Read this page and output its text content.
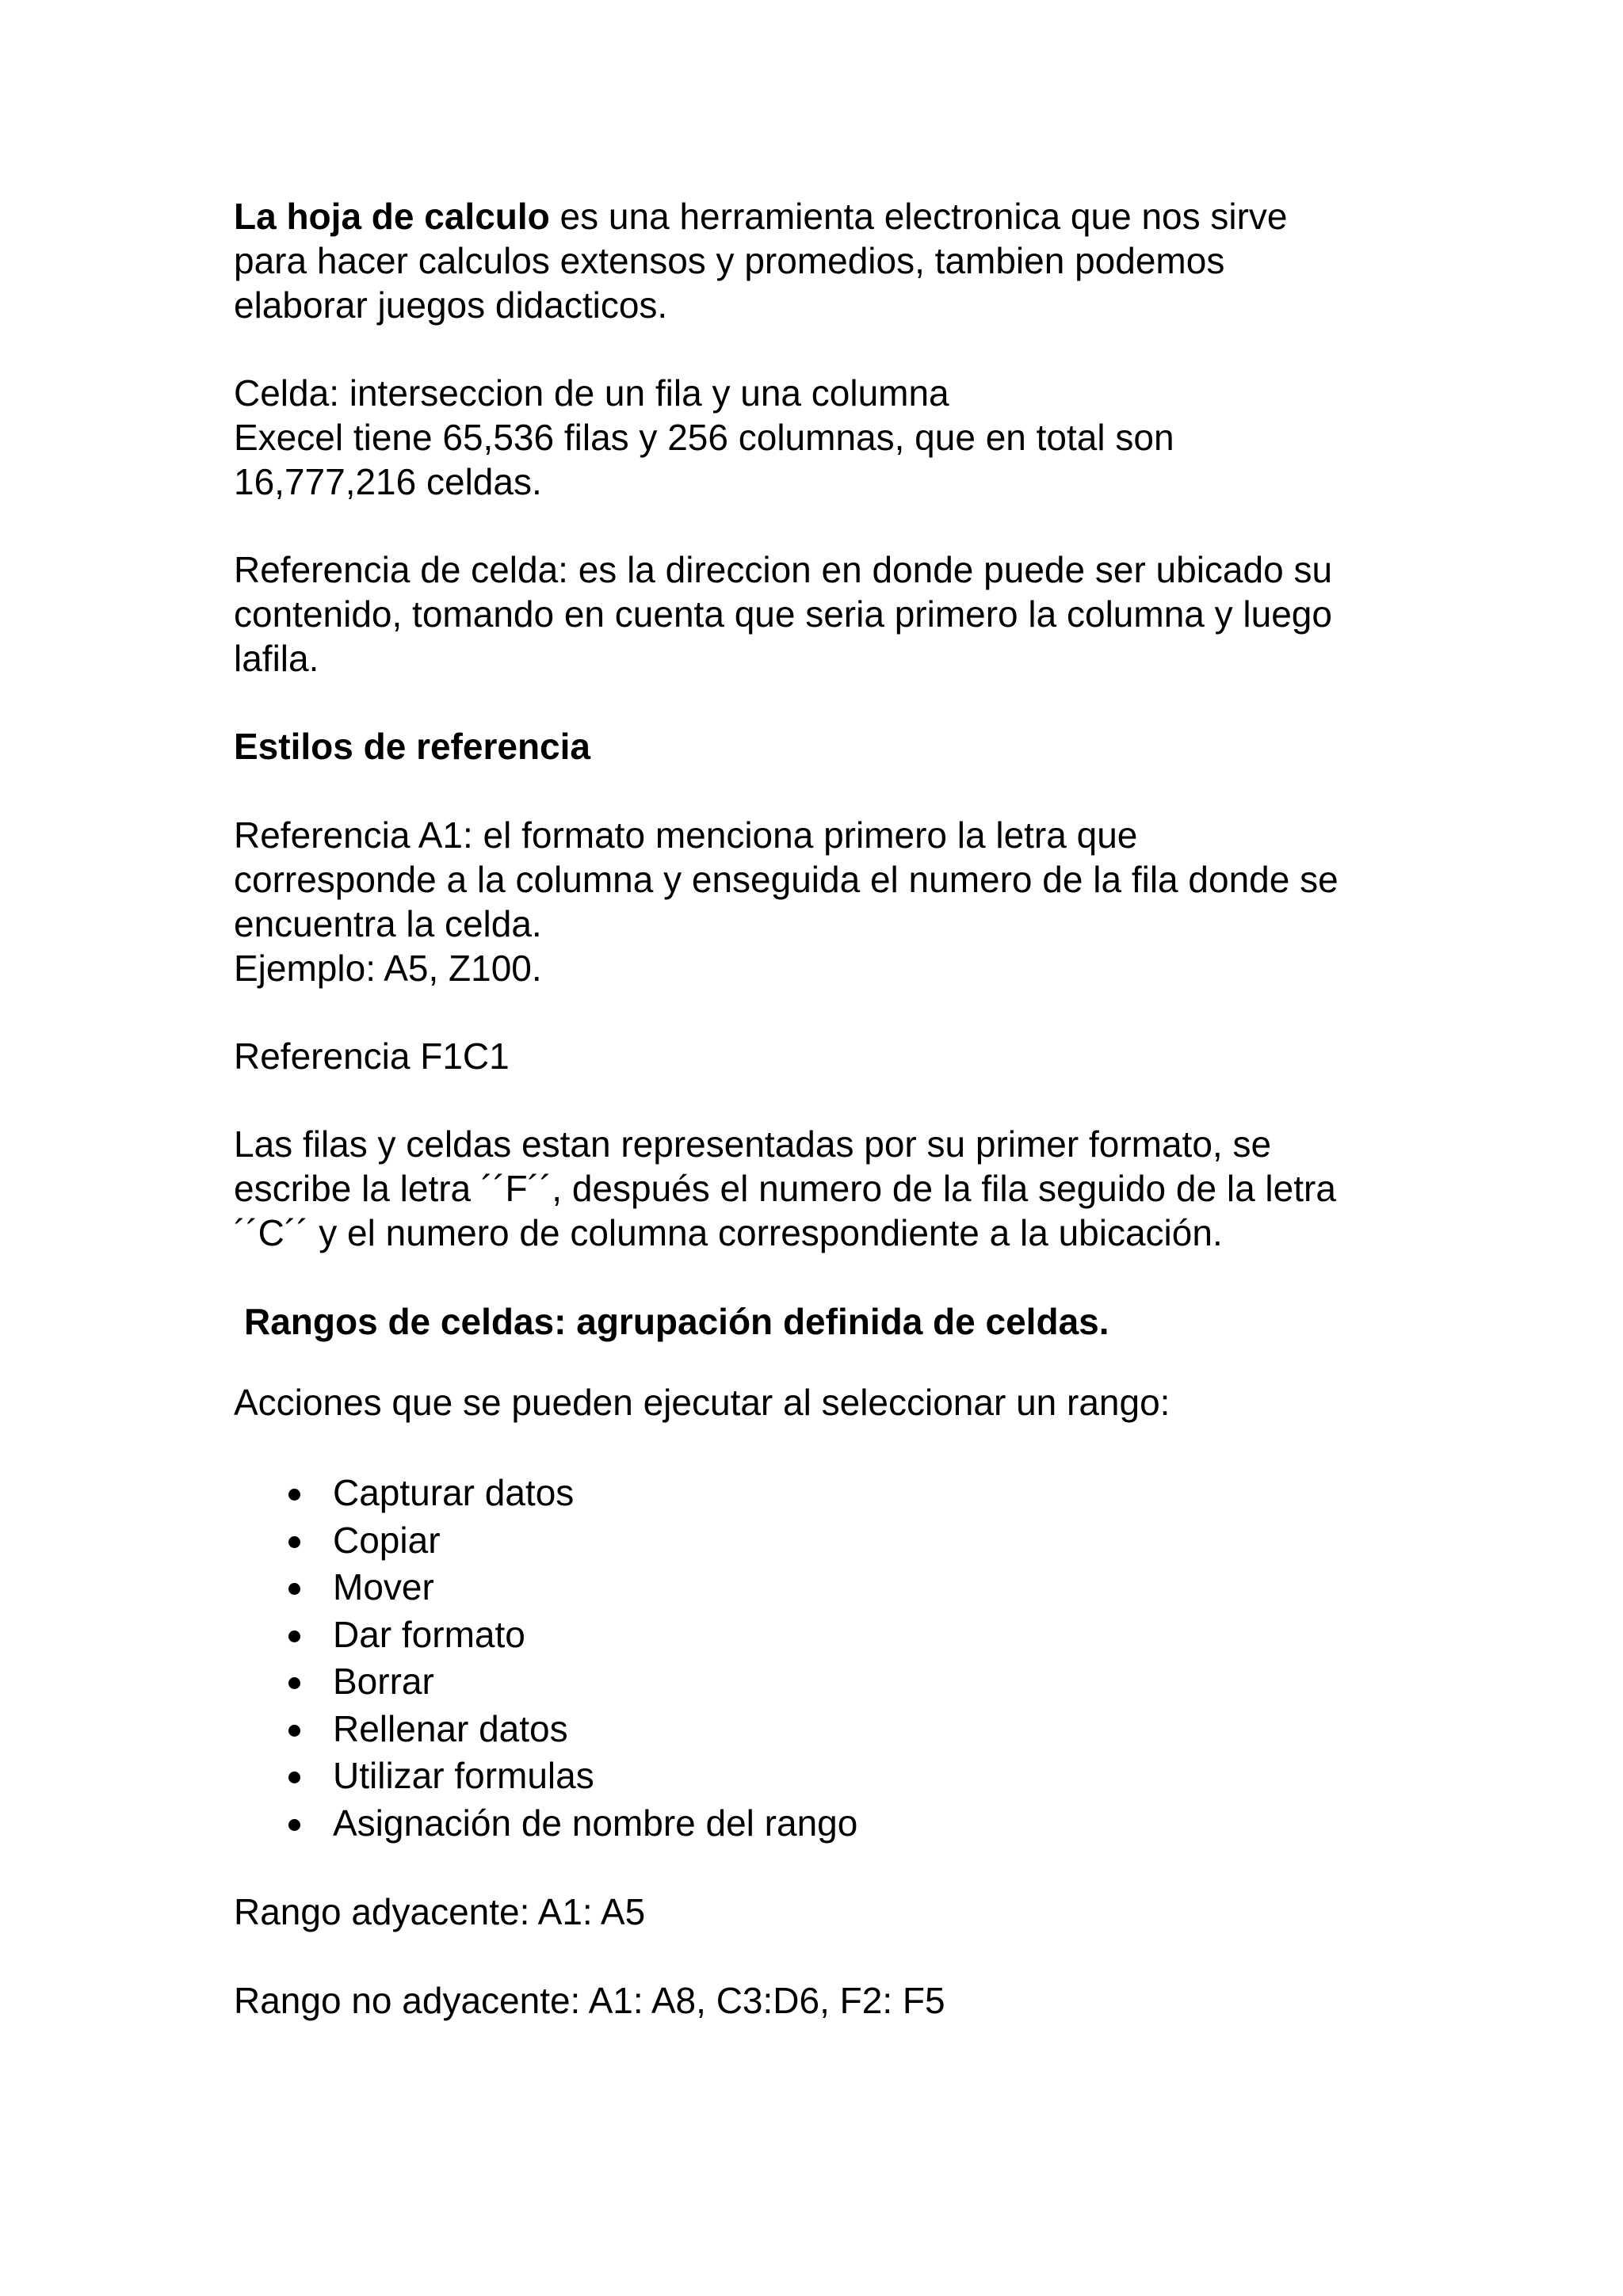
La hoja de calculo es una herramienta electronica que nos sirve
para hacer calculos extensos y promedios, tambien podemos
elaborar juegos didacticos.
Celda: interseccion de un fila y una columna
Execel tiene 65,536 filas y 256 columnas, que en total son
16,777,216 celdas.
Referencia de celda: es la direccion en donde puede ser ubicado su
contenido, tomando en cuenta que seria primero la columna y luego
lafila.
Estilos de referencia
Referencia A1: el formato menciona primero la letra que
corresponde a la columna y enseguida el numero de la fila donde se
encuentra la celda.
Ejemplo: A5, Z100.
Referencia F1C1
Las filas y celdas estan representadas por su primer formato, se
escribe la letra ´´F´´, después el numero de la fila seguido de la letra
´´C´´ y el numero de columna correspondiente a la ubicación.
Rangos de celdas: agrupación definida de celdas.
Acciones que se pueden ejecutar al seleccionar un rango:
Capturar datos
Copiar
Mover
Dar formato
Borrar
Rellenar datos
Utilizar formulas
Asignación de nombre del rango
Rango adyacente: A1: A5
Rango no adyacente: A1: A8, C3:D6, F2: F5
